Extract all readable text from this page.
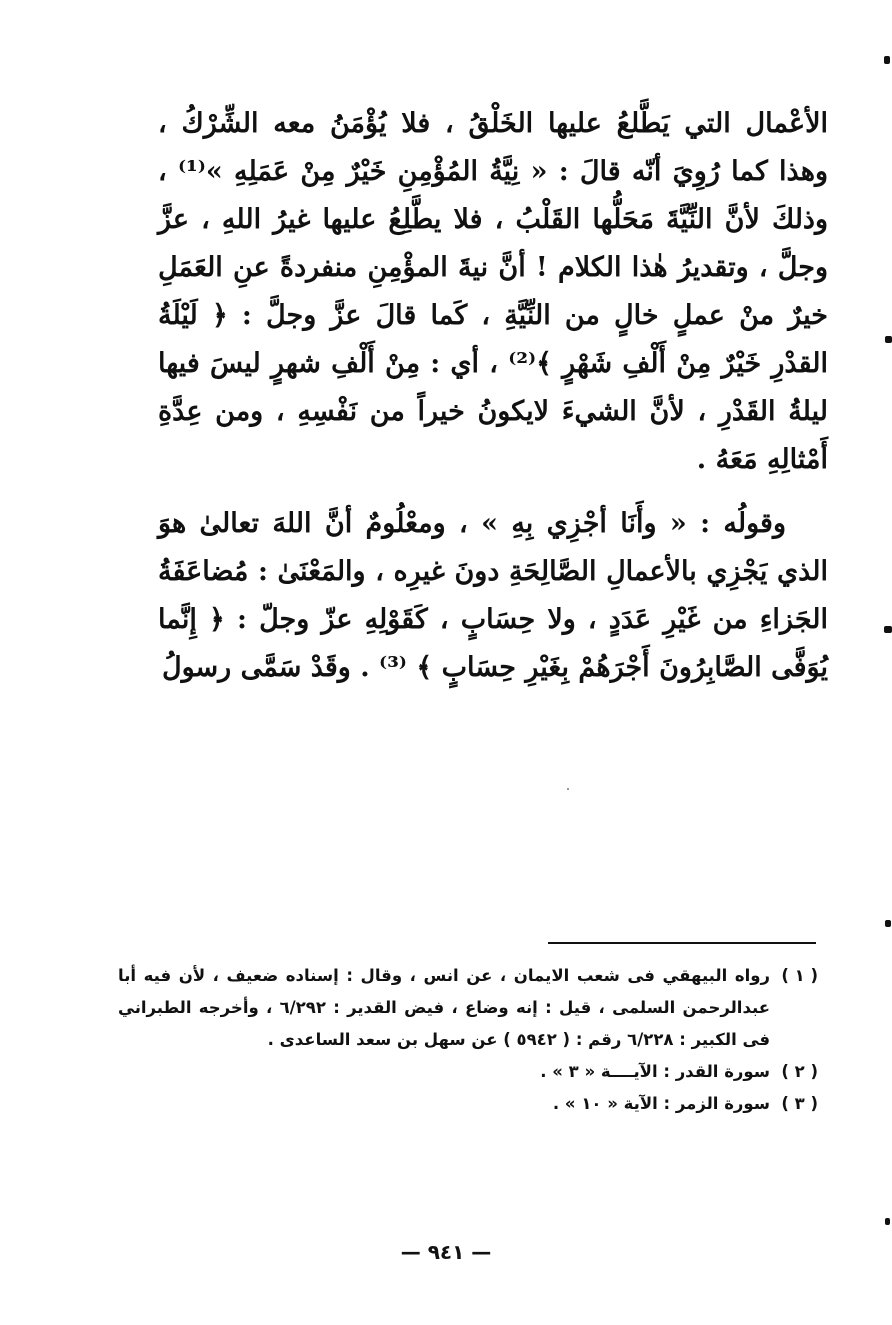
الأعْمال التي يَطَّلعُ عليها الخَلْقُ ، فلا يُؤْمَنُ معه الشِّرْكُ ، وهذا كما رُوِيَ أنّه قالَ : « نِيَّةُ المُؤْمِنِ خَيْرٌ مِنْ عَمَلِهِ »⁽¹⁾ ، وذلكَ لأنَّ النِّيَّةَ مَحَلُّها القَلْبُ ، فلا يطَّلِعُ عليها غيرُ اللهِ ، عزَّ وجلَّ ، وتقديرُ هٰذا الكلام ! أنَّ نيةَ المؤْمِنِ منفردةً عنِ العَمَلِ خيرٌ منْ عملٍ خالٍ من النِّيَّةِ ، كَما قالَ عزَّ وجلَّ : ﴿ لَيْلَةُ القدْرِ خَيْرٌ مِنْ أَلْفِ شَهْرٍ ﴾⁽²⁾ ، أي : مِنْ أَلْفِ شهرٍ ليسَ فيها ليلةُ القَدْرِ ، لأنَّ الشيءَ لايكونُ خيراً من نَفْسِهِ ، ومن عِدَّةِ أَمْثالِهِ مَعَهُ .

وقولُه : « وأَنَا أجْزِي بِهِ » ، ومعْلُومٌ أنَّ اللهَ تعالىٰ هوَ الذي يَجْزِي بالأعمالِ الصَّالِحَةِ دونَ غيرِه ، والمَعْنَىٰ : مُضاعَفَةُ الجَزاءِ من غَيْرِ عَدَدٍ ، ولا حِسَابٍ ، كَقَوْلِهِ عزّ وجلّ : ﴿ إِنَّما يُوَفَّى الصَّابِرُونَ أَجْرَهُمْ بِغَيْرِ حِسَابٍ ﴾ ⁽³⁾ . وقَدْ سَمَّى رسولُ

( ١ )
رواه البيهقي فى شعب الايمان ، عن انس ، وقال : إسناده ضعيف ، لأن فيه أبا عبدالرحمن السلمى ، قيل : إنه وضاع ، فيض القدير : ٦/٢٩٢ ، وأخرجه الطبراني فى الكبير : ٦/٢٢٨ رقم : ( ٥٩٤٢ ) عن سهل بن سعد الساعدى .
( ٢ )
سورة القدر : الآيــــة « ٣ » .
( ٣ )
سورة الزمر : الآية « ١٠ » .
— ٩٤١ —
